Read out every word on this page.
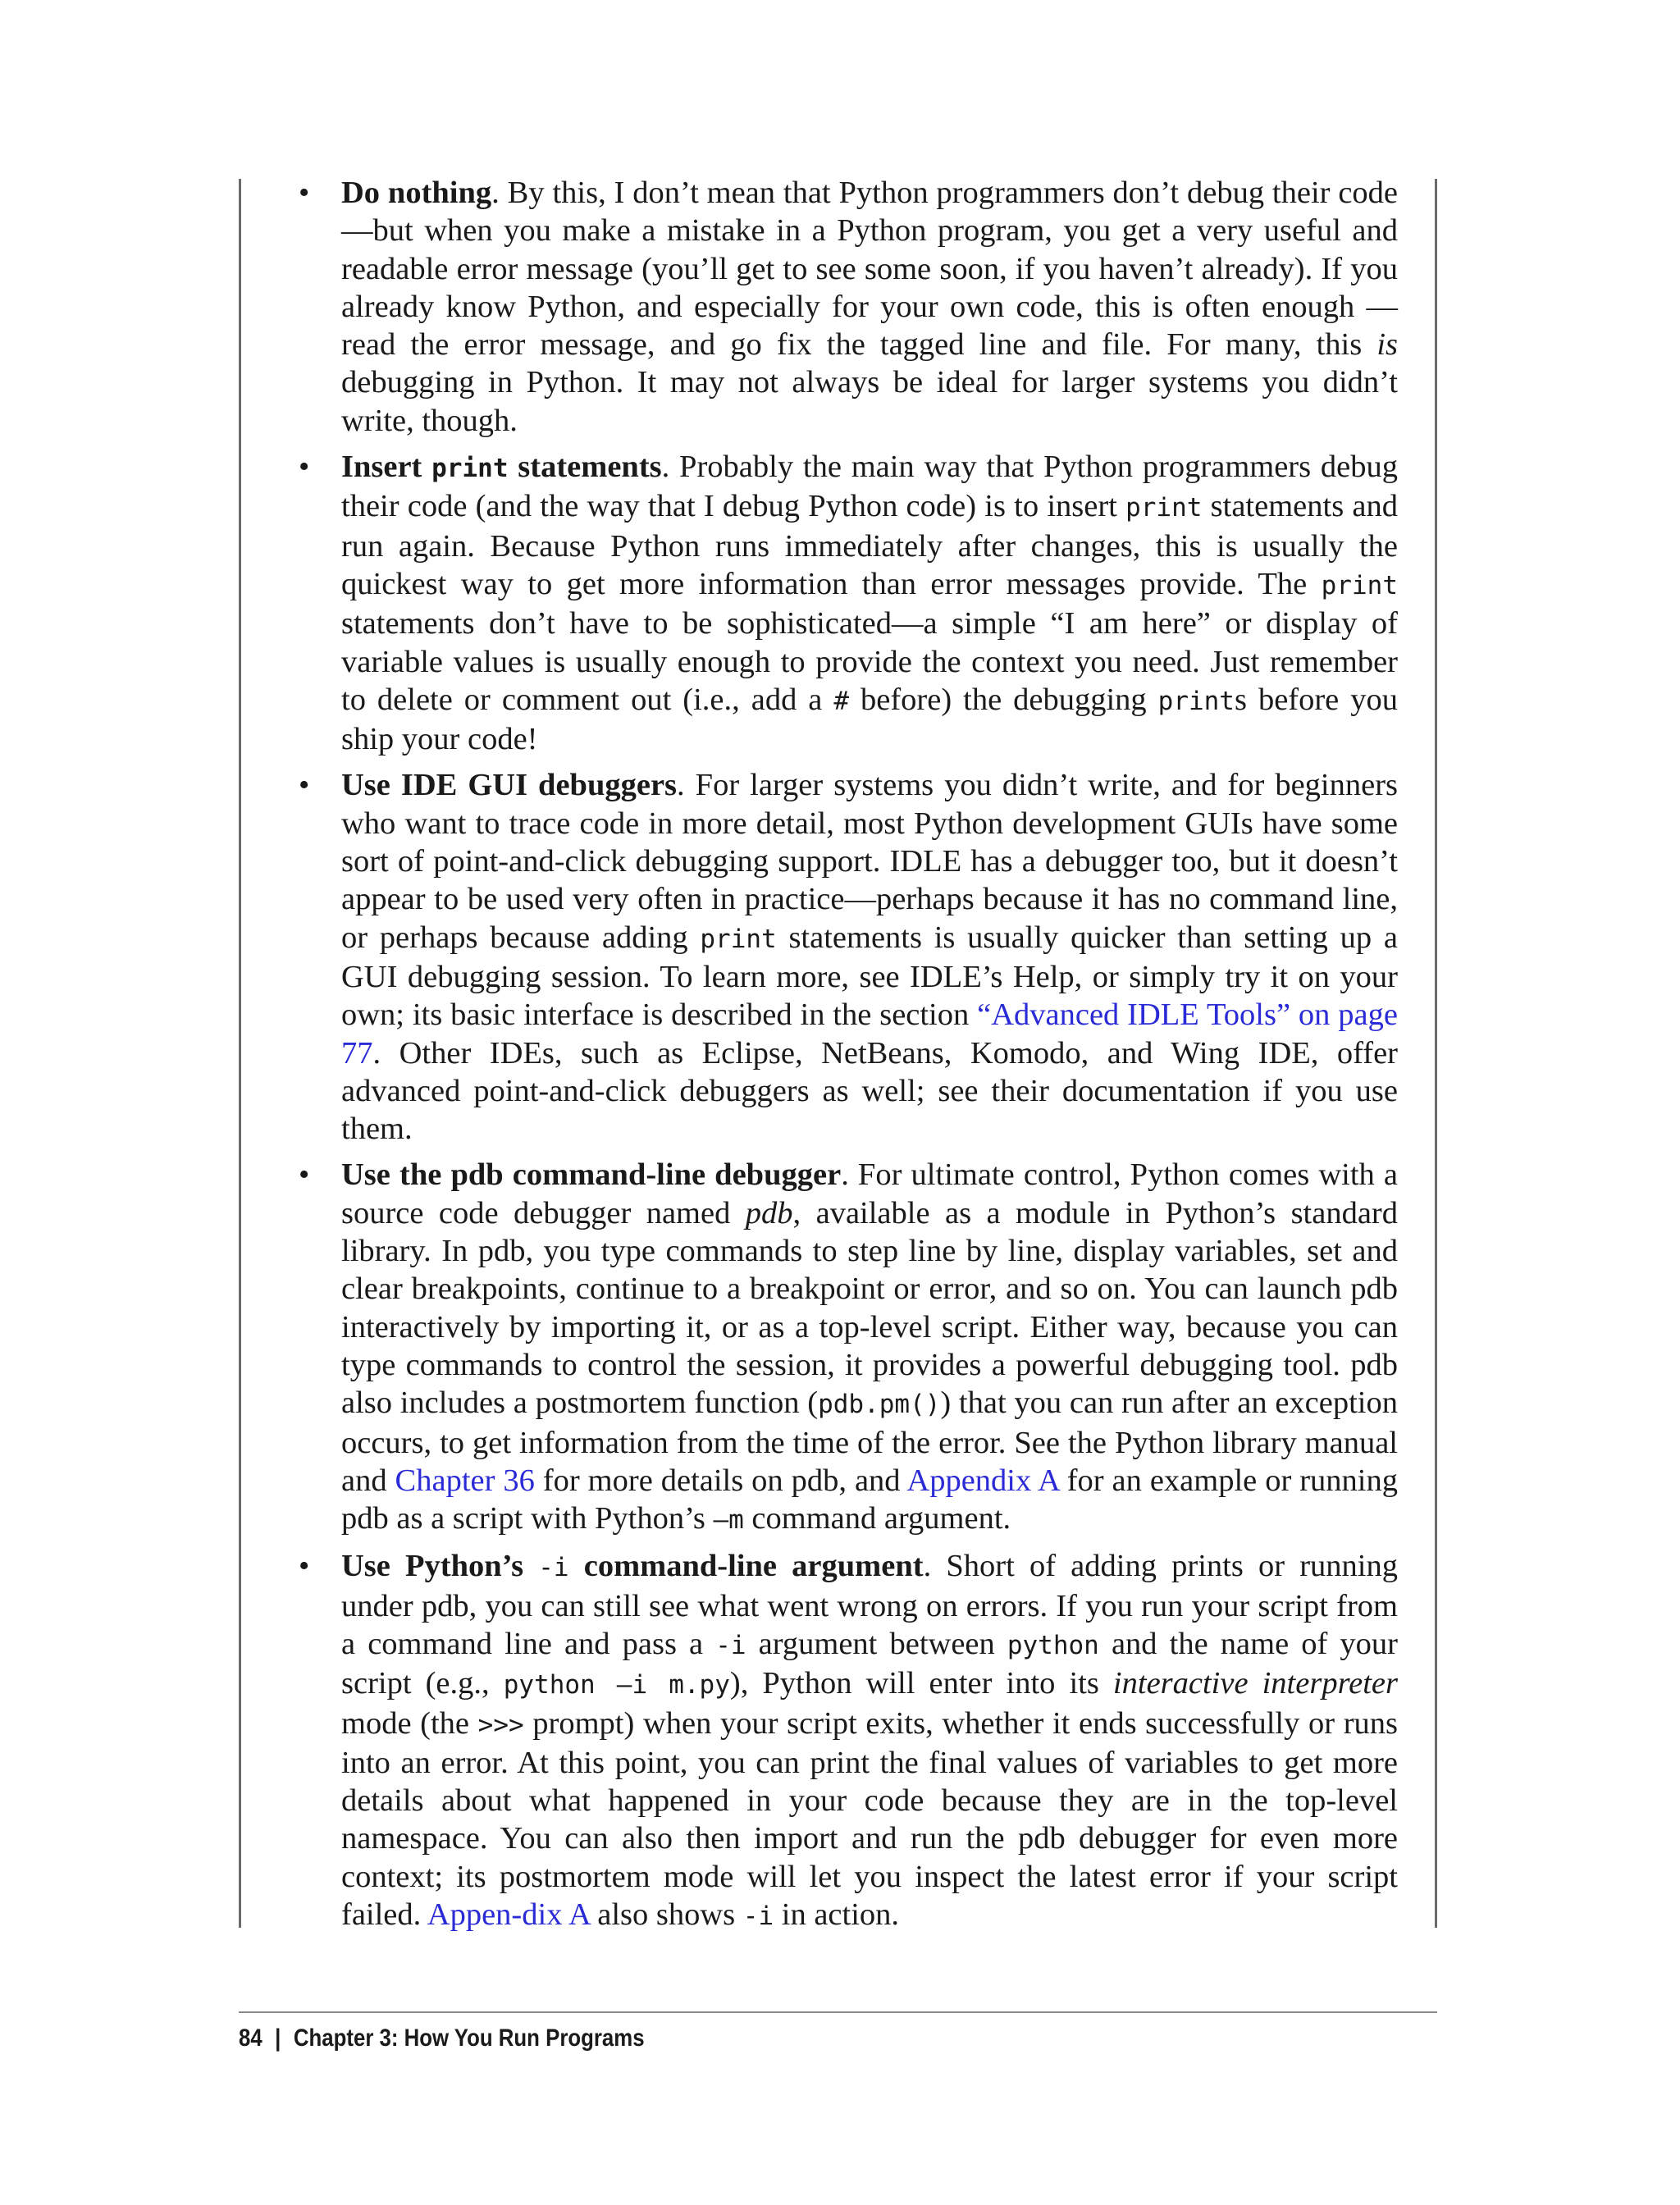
• Do nothing. By this, I don’t mean that Python programmers don’t debug their code—but when you make a mistake in a Python program, you get a very useful and readable error message (you’ll get to see some soon, if you haven’t already). If you already know Python, and especially for your own code, this is often enough —read the error message, and go fix the tagged line and file. For many, this is debugging in Python. It may not always be ideal for larger systems you didn’t write, though.

• Insert print statements. Probably the main way that Python programmers debug their code (and the way that I debug Python code) is to insert print statements and run again. Because Python runs immediately after changes, this is usually the quickest way to get more information than error messages provide. The print statements don’t have to be sophisticated—a simple “I am here” or display of variable values is usually enough to provide the context you need. Just remember to delete or comment out (i.e., add a # before) the debugging prints before you ship your code!

• Use IDE GUI debuggers. For larger systems you didn’t write, and for beginners who want to trace code in more detail, most Python development GUIs have some sort of point-and-click debugging support. IDLE has a debugger too, but it doesn’t appear to be used very often in practice—perhaps because it has no command line, or perhaps because adding print statements is usually quicker than setting up a GUI debugging session. To learn more, see IDLE’s Help, or simply try it on your own; its basic interface is described in the section “Advanced IDLE Tools” on page 77. Other IDEs, such as Eclipse, NetBeans, Komodo, and Wing IDE, offer advanced point-and-click debuggers as well; see their documentation if you use them.

• Use the pdb command-line debugger. For ultimate control, Python comes with a source code debugger named pdb, available as a module in Python’s standard library. In pdb, you type commands to step line by line, display variables, set and clear breakpoints, continue to a breakpoint or error, and so on. You can launch pdb interactively by importing it, or as a top-level script. Either way, because you can type commands to control the session, it provides a powerful debugging tool. pdb also includes a postmortem function (pdb.pm()) that you can run after an exception occurs, to get information from the time of the error. See the Python library manual and Chapter 36 for more details on pdb, and Appendix A for an example or running pdb as a script with Python’s –m command argument.

• Use Python’s -i command-line argument. Short of adding prints or running under pdb, you can still see what went wrong on errors. If you run your script from a command line and pass a -i argument between python and the name of your script (e.g., python –i m.py), Python will enter into its interactive interpreter mode (the >>> prompt) when your script exits, whether it ends successfully or runs into an error. At this point, you can print the final values of variables to get more details about what happened in your code because they are in the top-level namespace. You can also then import and run the pdb debugger for even more context; its postmortem mode will let you inspect the latest error if your script failed. Appen-dix A also shows -i in action.

84 | Chapter 3: How You Run Programs
